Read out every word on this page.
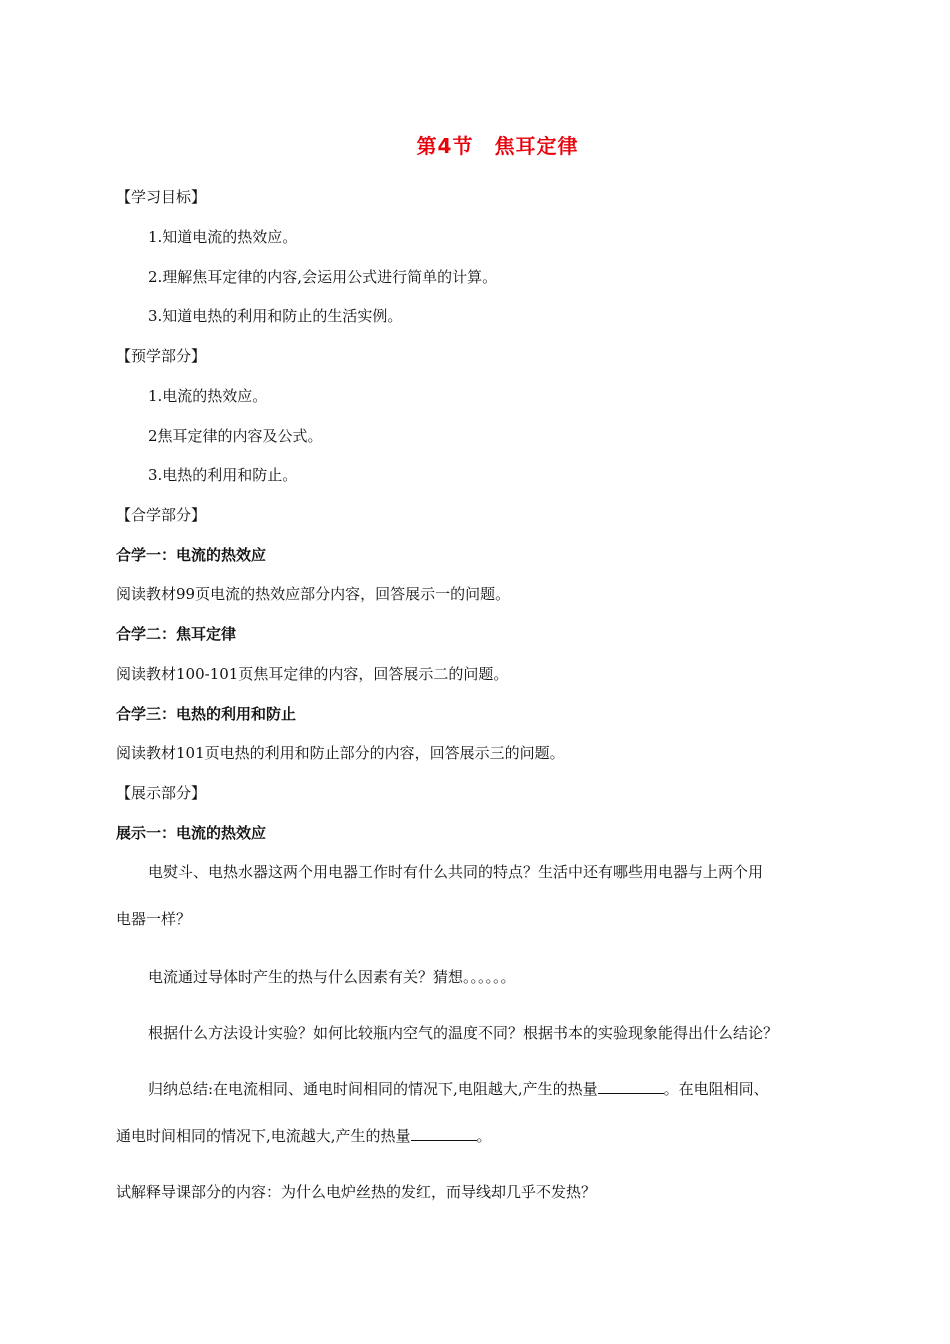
第4节　焦耳定律
【学习目标】
1.知道电流的热效应。
2.理解焦耳定律的内容,会运用公式进行简单的计算。
3.知道电热的利用和防止的生活实例。
【预学部分】
1.电流的热效应。
2焦耳定律的内容及公式。
3.电热的利用和防止。
【合学部分】
合学一：电流的热效应
阅读教材99页电流的热效应部分内容，回答展示一的问题。
合学二：焦耳定律
阅读教材100-101页焦耳定律的内容，回答展示二的问题。
合学三：电热的利用和防止
阅读教材101页电热的利用和防止部分的内容，回答展示三的问题。
【展示部分】
展示一：电流的热效应
电熨斗、电热水器这两个用电器工作时有什么共同的特点？生活中还有哪些用电器与上两个用
电器一样？
电流通过导体时产生的热与什么因素有关？猜想。。。。。。
根据什么方法设计实验？如何比较瓶内空气的温度不同？根据书本的实验现象能得出什么结论？
归纳总结:在电流相同、通电时间相同的情况下,电阻越大,产生的热量	。在电阻相同、
通电时间相同的情况下,电流越大,产生的热量	。
试解释导课部分的内容：为什么电炉丝热的发红，而导线却几乎不发热？
